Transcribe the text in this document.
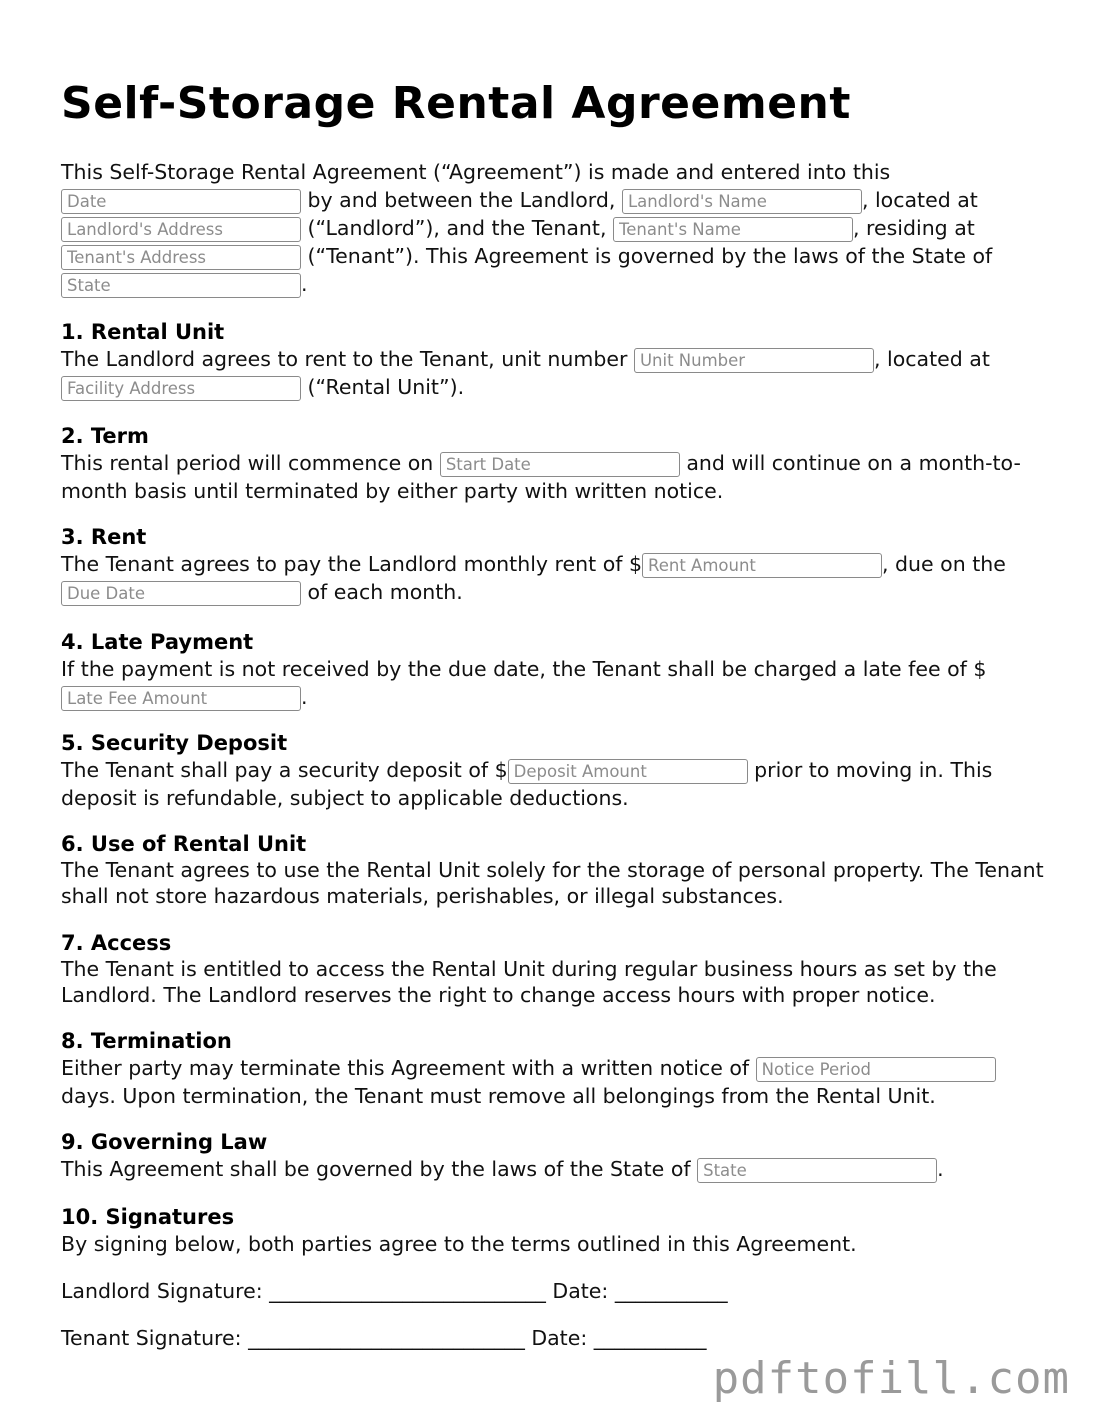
Self-Storage Rental Agreement
This Self-Storage Rental Agreement (“Agreement”) is made and entered into this
Date by and between the Landlord, Landlord's Name	, located at
Landlord's Address (“Landlord”), and the Tenant, Tenant's Name	, residing at
Tenant's Address (“Tenant”). This Agreement is governed by the laws of the State of
State.
1. Rental Unit
The Landlord agrees to rent to the Tenant, unit number Unit Number	, located at
Facility Address (“Rental Unit”).
2. Term
This rental period will commence on Start Date	and will continue on a month-to-month basis until terminated by either party with written notice.
3. Rent
The Tenant agrees to pay the Landlord monthly rent of $Rent Amount	, due on the Due Date of each month.
4. Late Payment
If the payment is not received by the due date, the Tenant shall be charged a late fee of $
Late Fee Amount.
5. Security Deposit
The Tenant shall pay a security deposit of $Deposit Amount	prior to moving in. This deposit is refundable, subject to applicable deductions.
6. Use of Rental Unit
The Tenant agrees to use the Rental Unit solely for the storage of personal property. The Tenant shall not store hazardous materials, perishables, or illegal substances.
7. Access
The Tenant is entitled to access the Rental Unit during regular business hours as set by the Landlord. The Landlord reserves the right to change access hours with proper notice.
8. Termination
Either party may terminate this Agreement with a written notice of Notice Period days. Upon termination, the Tenant must remove all belongings from the Rental Unit.
9. Governing Law
This Agreement shall be governed by the laws of the State of State	.
10. Signatures
By signing below, both parties agree to the terms outlined in this Agreement.
Landlord Signature: ___________________________ Date: ___________
Tenant Signature: ___________________________ Date: ___________
pdftofill.com
